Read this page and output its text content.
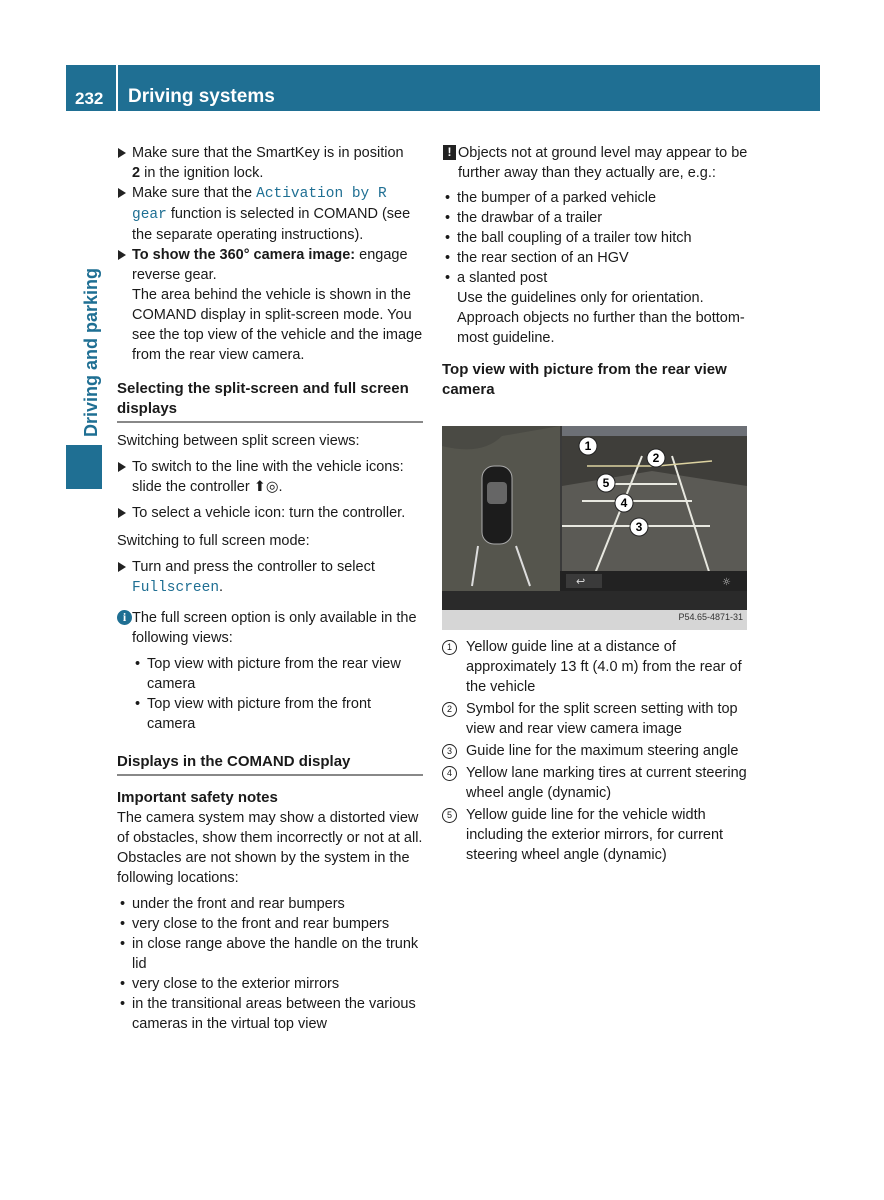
232 Driving systems
Driving and parking

Make sure that the SmartKey is in position
2 in the ignition lock.

Make sure that the Activation by R gear function is selected in COMAND (see the separate operating instructions).

To show the 360° camera image: engage reverse gear.
The area behind the vehicle is shown in the COMAND display in split-screen mode. You see the top view of the vehicle and the image from the rear view camera.

Selecting the split-screen and full screen displays

Switching between split screen views:

To switch to the line with the vehicle icons: slide the controller ⬆◎.

To select a vehicle icon: turn the controller.

Switching to full screen mode:

Turn and press the controller to select
Fullscreen.

i The full screen option is only available in the following views:

• Top view with picture from the rear view camera

• Top view with picture from the front camera

Displays in the COMAND display

Important safety notes

The camera system may show a distorted view of obstacles, show them incorrectly or not at all. Obstacles are not shown by the system in the following locations:

• under the front and rear bumpers

• very close to the front and rear bumpers

• in close range above the handle on the trunk lid

• very close to the exterior mirrors

• in the transitional areas between the various cameras in the virtual top view

! Objects not at ground level may appear to be further away than they actually are, e.g.:

• the bumper of a parked vehicle

• the drawbar of a trailer

• the ball coupling of a trailer tow hitch

• the rear section of an HGV

• a slanted post

Use the guidelines only for orientation. Approach objects no further than the bottom-most guideline.

Top view with picture from the rear view camera

↩	☼
1
2
3
4
5
P54.65-4871-31
1 Yellow guide line at a distance of approximately 13 ft (4.0 m) from the rear of the vehicle

2 Symbol for the split screen setting with top view and rear view camera image

3 Guide line for the maximum steering angle

4 Yellow lane marking tires at current steering wheel angle (dynamic)

5 Yellow guide line for the vehicle width including the exterior mirrors, for current steering wheel angle (dynamic)
